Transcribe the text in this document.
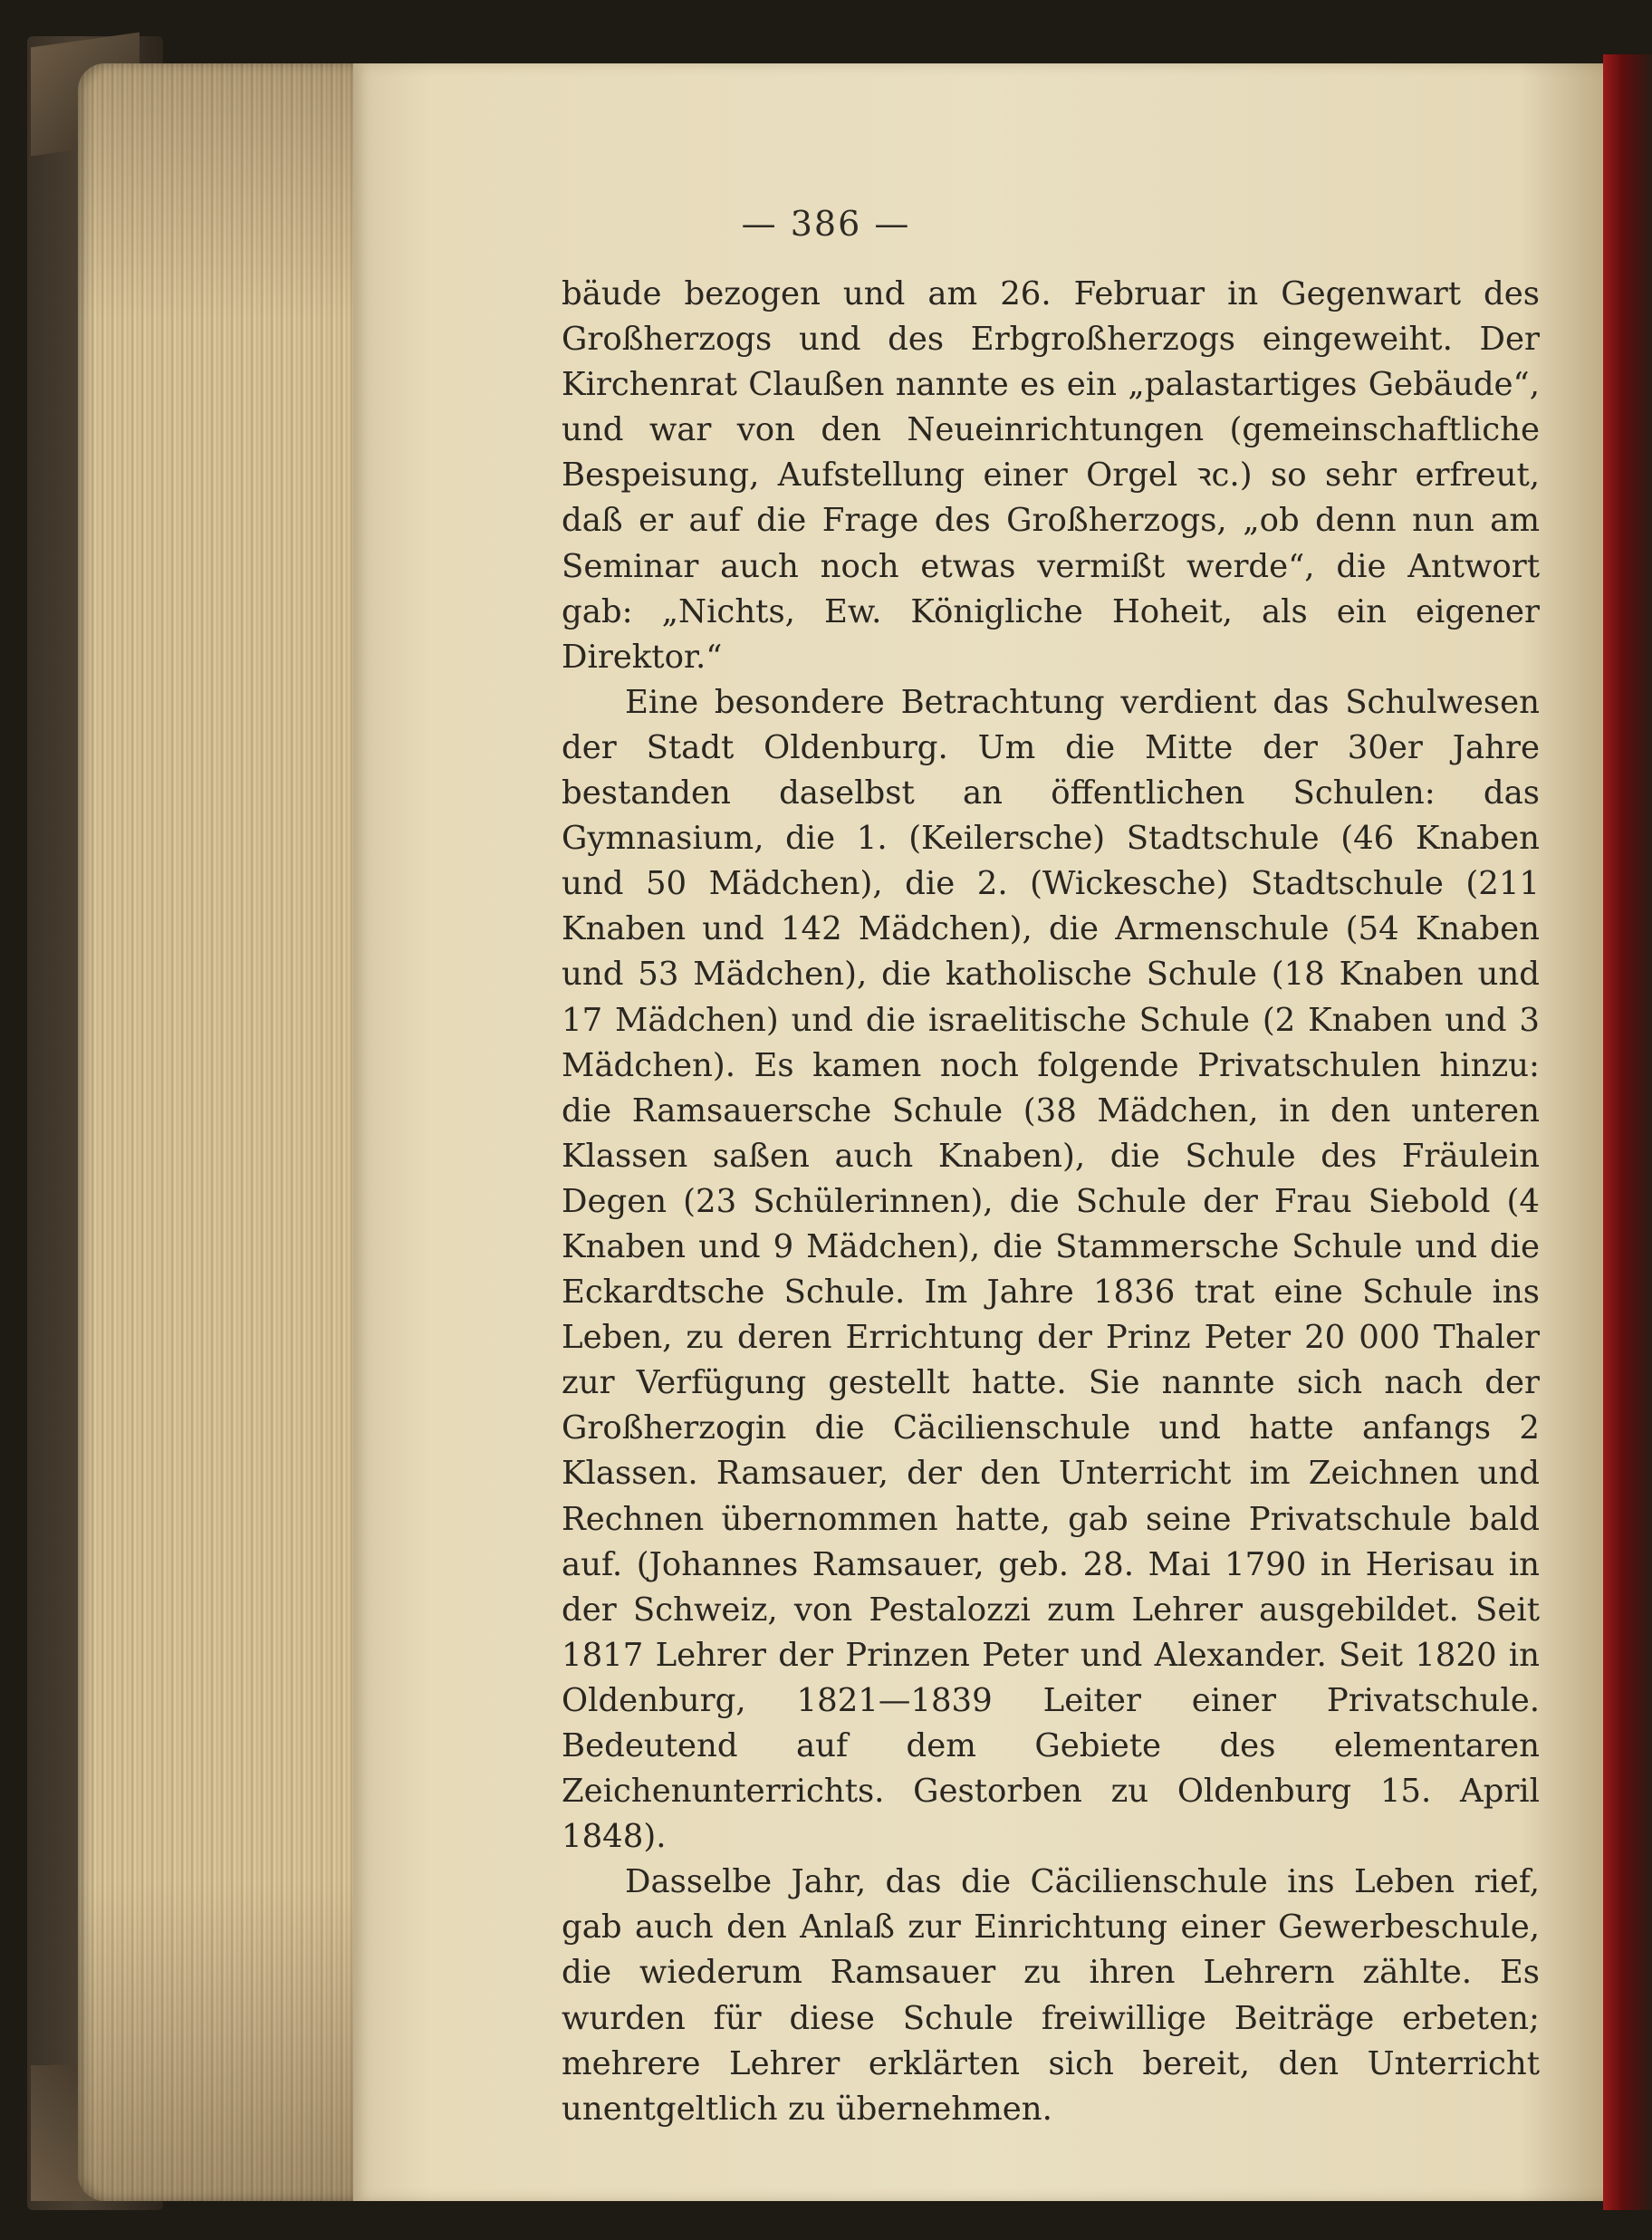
— 386 —

bäude bezogen und am 26. Februar in Gegenwart des Großherzogs und des Erbgroßherzogs eingeweiht. Der Kirchenrat Claußen nannte es ein „palastartiges Gebäude“, und war von den Neueinrichtungen (gemeinschaftliche Bespeisung, Aufstellung einer Orgel ꝛc.) so sehr erfreut, daß er auf die Frage des Großherzogs, „ob denn nun am Seminar auch noch etwas vermißt werde“, die Antwort gab: „Nichts, Ew. Königliche Hoheit, als ein eigener Direktor.“

Eine besondere Betrachtung verdient das Schulwesen der Stadt Oldenburg. Um die Mitte der 30er Jahre bestanden daselbst an öffentlichen Schulen: das Gymnasium, die 1. (Keilersche) Stadtschule (46 Knaben und 50 Mädchen), die 2. (Wickesche) Stadtschule (211 Knaben und 142 Mädchen), die Armenschule (54 Knaben und 53 Mädchen), die katholische Schule (18 Knaben und 17 Mädchen) und die israelitische Schule (2 Knaben und 3 Mädchen). Es kamen noch folgende Privatschulen hinzu: die Ramsauersche Schule (38 Mädchen, in den unteren Klassen saßen auch Knaben), die Schule des Fräulein Degen (23 Schülerinnen), die Schule der Frau Siebold (4 Knaben und 9 Mädchen), die Stammersche Schule und die Eckardtsche Schule. Im Jahre 1836 trat eine Schule ins Leben, zu deren Errichtung der Prinz Peter 20 000 Thaler zur Verfügung gestellt hatte. Sie nannte sich nach der Großherzogin die Cäcilienschule und hatte anfangs 2 Klassen. Ramsauer, der den Unterricht im Zeichnen und Rechnen übernommen hatte, gab seine Privatschule bald auf. (Johannes Ramsauer, geb. 28. Mai 1790 in Herisau in der Schweiz, von Pestalozzi zum Lehrer ausgebildet. Seit 1817 Lehrer der Prinzen Peter und Alexander. Seit 1820 in Oldenburg, 1821—1839 Leiter einer Privatschule. Bedeutend auf dem Gebiete des elementaren Zeichenunterrichts. Gestorben zu Oldenburg 15. April 1848).

Dasselbe Jahr, das die Cäcilienschule ins Leben rief, gab auch den Anlaß zur Einrichtung einer Gewerbeschule, die wiederum Ramsauer zu ihren Lehrern zählte. Es wurden für diese Schule freiwillige Beiträge erbeten; mehrere Lehrer erklärten sich bereit, den Unterricht unentgeltlich zu übernehmen.
